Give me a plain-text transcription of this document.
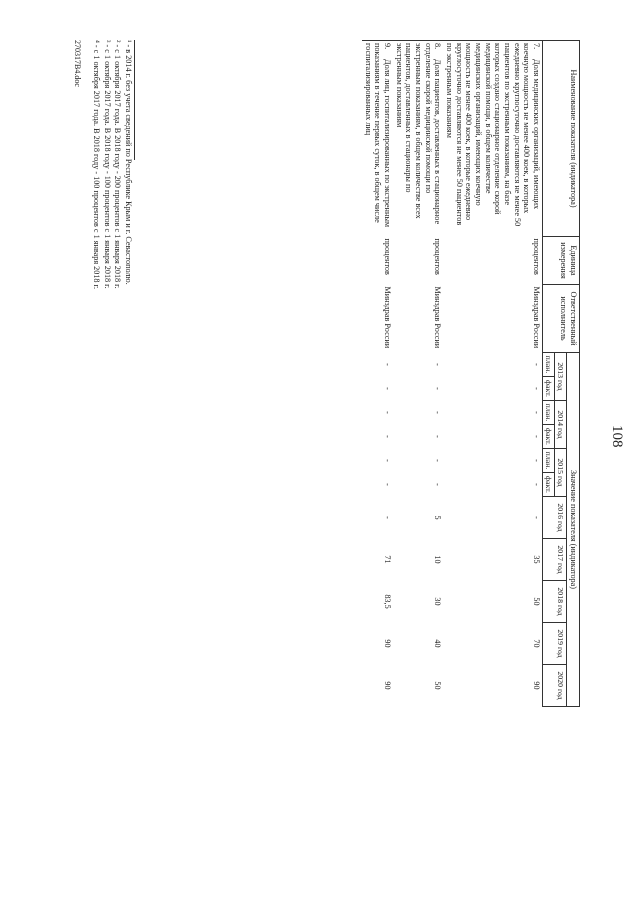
108
Наименование показателя (индикатора)	Единица измерения	Ответственный исполнитель	Значение показателя (индикатора)										
			2013 год		2014 год		2015 год		2016 год	2017 год	2018 год	2019 год	2020 год
			план.	факт.	план.	факт.	план.	факт.					
7.Доля медицинских организаций, имеющих коечную мощность не менее 400 коек, в которых ежедневно круглосуточно доставляются не менее 50 пациентов по экстренным показаниям, на базе которых создано стационарное отделение скорой медицинской помощи, в общем количестве медицинских организаций, имеющих коечную мощность не менее 400 коек, в которые ежедневно круглосуточно доставляются не менее 50 пациентов по экстренным показаниям	процентов	Минздрав России	-	-	-	-	-	-	-	35	50	70	90
8.Доля пациентов, доставленных в стационарное отделение скорой медицинской помощи по экстренным показаниям, в общем количестве всех пациентов, доставленных в стационары по экстренным показаниям	процентов	Минздрав России	-	-	-	-	-	-	5	10	30	40	50
9.Доля лиц, госпитализированных по экстренным показаниям в течение первых суток, в общем числе госпитализированных лиц	процентов	Минздрав России	-	-	-	-	-	-	-	71	83,5	90	90
¹ - в 2014 г. без учета сведений по Республике Крым и г. Севастополю.
² - с 1 октября 2017 года. В 2018 году - 200 процентов с 1 января 2018 г.
³ - с 1 октября 2017 года. В 2018 году - 100 процентов с 1 января 2018 г.
⁴ - с 1 октября 2017 года. В 2018 году - 100 процентов с 1 января 2018 г.
270317B4.doc
